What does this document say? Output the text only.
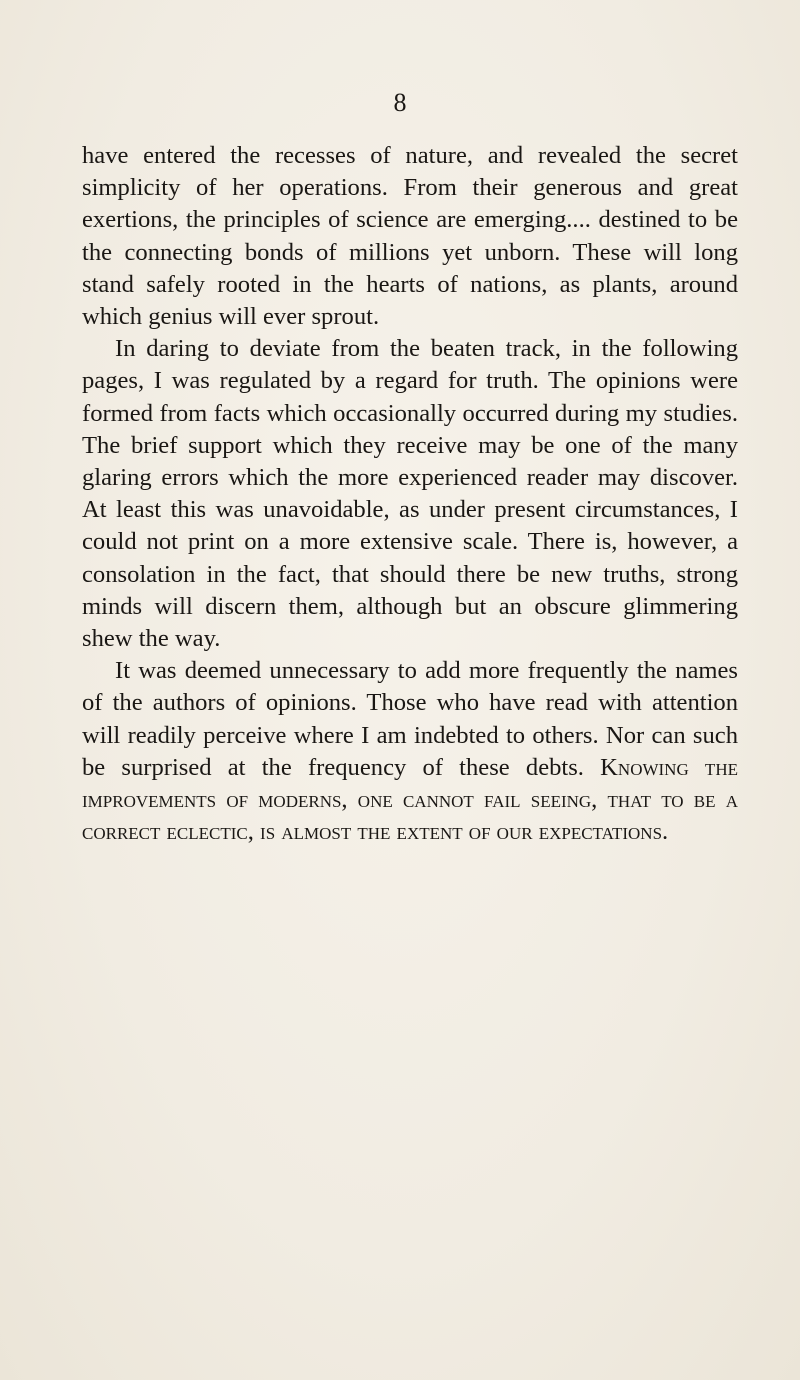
8

have entered the recesses of nature, and revealed the secret simplicity of her operations. From their generous and great exertions, the principles of science are emerging.... destined to be the connecting bonds of millions yet unborn. These will long stand safely rooted in the hearts of nations, as plants, around which genius will ever sprout.

In daring to deviate from the beaten track, in the following pages, I was regulated by a regard for truth. The opinions were formed from facts which occasionally occurred during my studies. The brief support which they receive may be one of the many glaring errors which the more experienced reader may discover. At least this was unavoidable, as under present circumstances, I could not print on a more extensive scale. There is, however, a consolation in the fact, that should there be new truths, strong minds will discern them, although but an obscure glimmering shew the way.

It was deemed unnecessary to add more frequently the names of the authors of opinions. Those who have read with attention will readily perceive where I am indebted to others. Nor can such be surprised at the frequency of these debts. Knowing the improvements of moderns, one cannot fail seeing, that to be a correct eclectic, is almost the extent of our expectations.
